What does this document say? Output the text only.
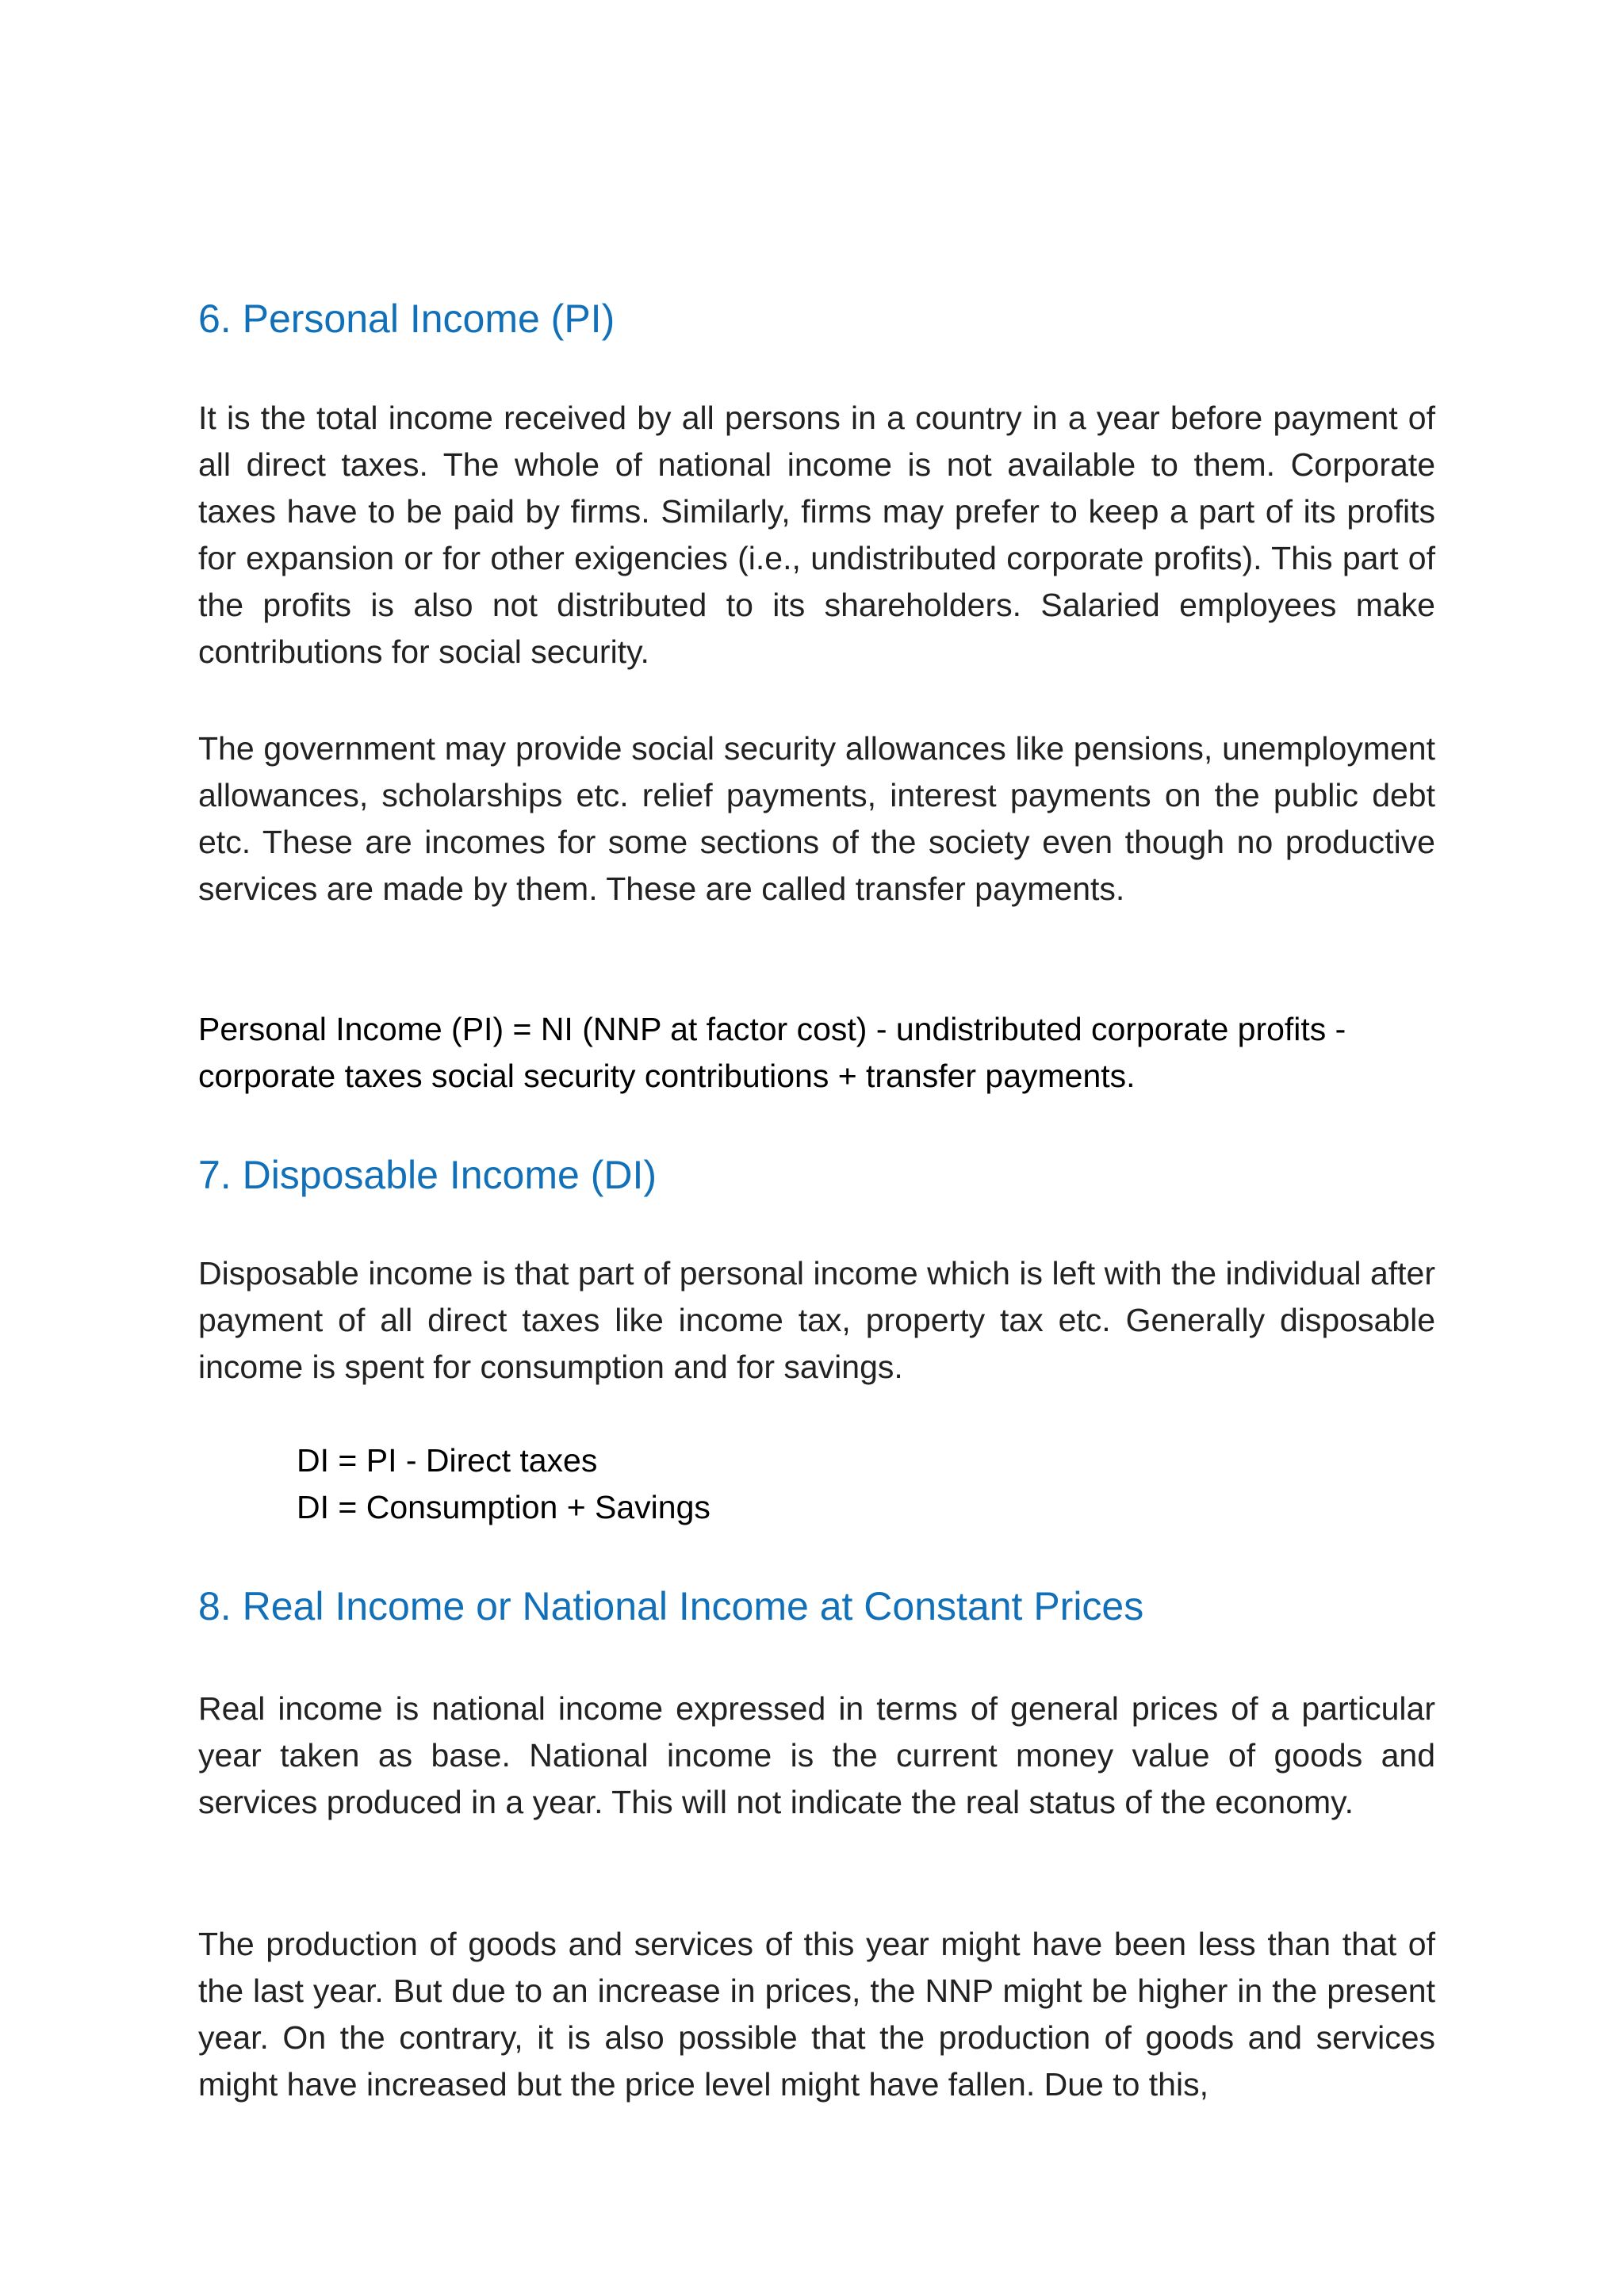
6. Personal Income (PI)

It is the total income received by all persons in a country in a year before payment of all direct taxes. The whole of national income is not available to them. Corporate taxes have to be paid by firms. Similarly, firms may prefer to keep a part of its profits for expansion or for other exigencies (i.e., undistributed corporate profits). This part of the profits is also not distributed to its shareholders. Salaried employees make contributions for social security.

The government may provide social security allowances like pensions, unemployment allowances, scholarships etc. relief payments, interest payments on the public debt etc. These are incomes for some sections of the society even though no productive services are made by them. These are called transfer payments.

Personal Income (PI) = NI (NNP at factor cost) - undistributed corporate profits -
corporate taxes social security contributions + transfer payments.
7. Disposable Income (DI)

Disposable income is that part of personal income which is left with the individual after payment of all direct taxes like income tax, property tax etc. Generally disposable income is spent for consumption and for savings.

DI = PI - Direct taxes
DI = Consumption + Savings
8. Real Income or National Income at Constant Prices

Real income is national income expressed in terms of general prices of a particular year taken as base. National income is the current money value of goods and services produced in a year. This will not indicate the real status of the economy.

The production of goods and services of this year might have been less than that of the last year. But due to an increase in prices, the NNP might be higher in the present year. On the contrary, it is also possible that the production of goods and services might have increased but the price level might have fallen. Due to this,
